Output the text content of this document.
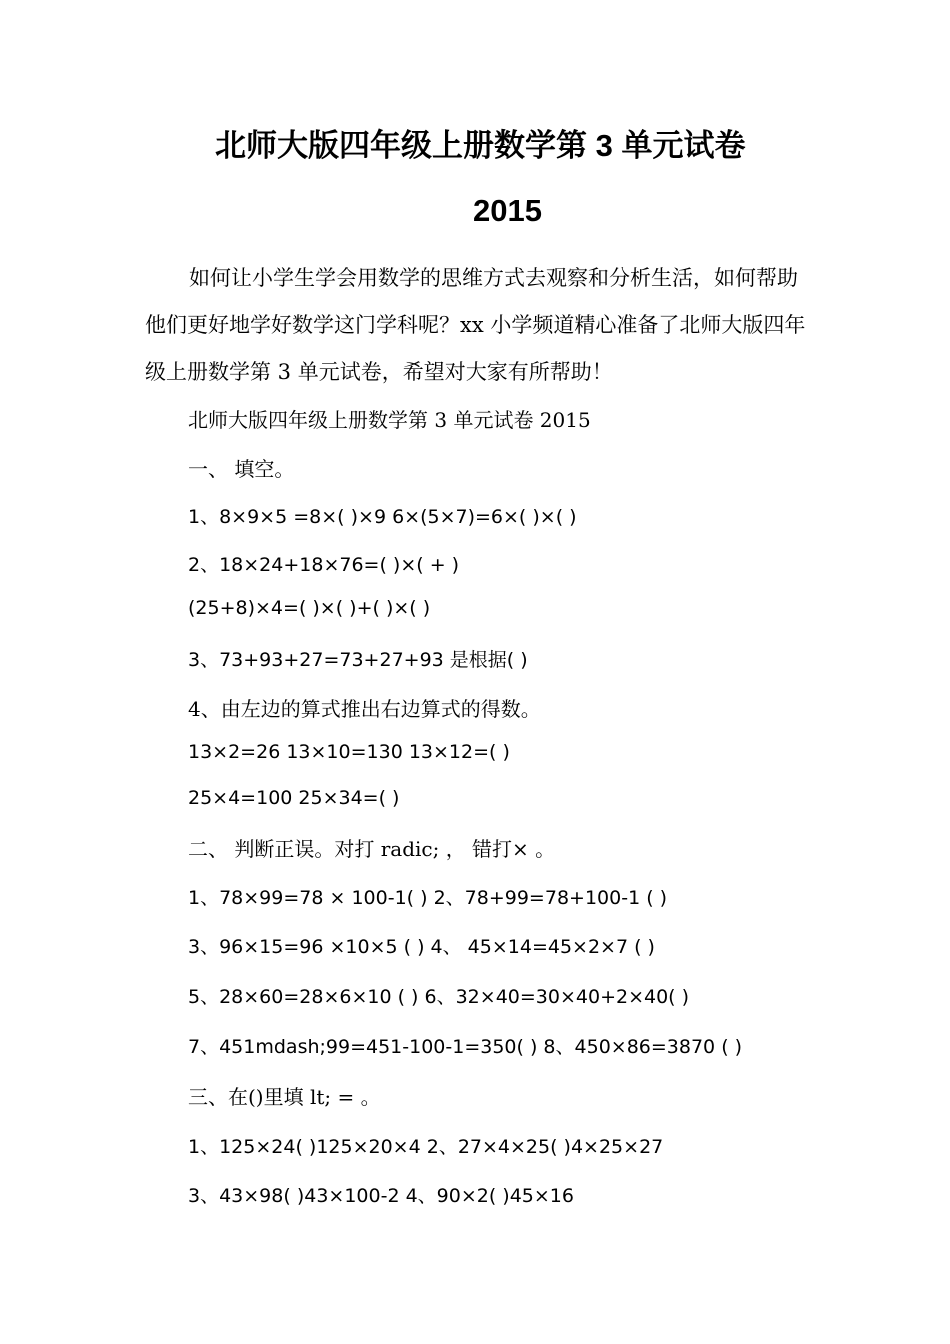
北师大版四年级上册数学第 3 单元试卷
2015
如何让小学生学会用数学的思维方式去观察和分析生活，如何帮助他们更好地学好数学这门学科呢？xx 小学频道精心准备了北师大版四年级上册数学第 3 单元试卷，希望对大家有所帮助！
北师大版四年级上册数学第 3 单元试卷 2015
一、 填空。
1、8×9×5 =8×( )×9 6×(5×7)=6×( )×( )
2、18×24+18×76=( )×( + )
(25+8)×4=( )×( )+( )×( )
3、73+93+27=73+27+93 是根据( )
4、由左边的算式推出右边算式的得数。
13×2=26 13×10=130 13×12=( )
25×4=100 25×34=( )
二、 判断正误。对打 radic; ， 错打× 。
1、78×99=78 × 100-1( ) 2、78+99=78+100-1 ( )
3、96×15=96 ×10×5 ( ) 4、 45×14=45×2×7 ( )
5、28×60=28×6×10 ( ) 6、32×40=30×40+2×40( )
7、451mdash;99=451-100-1=350( ) 8、450×86=3870 ( )
三、在()里填 lt; = 。
1、125×24( )125×20×4 2、27×4×25( )4×25×27
3、43×98( )43×100-2 4、90×2( )45×16
